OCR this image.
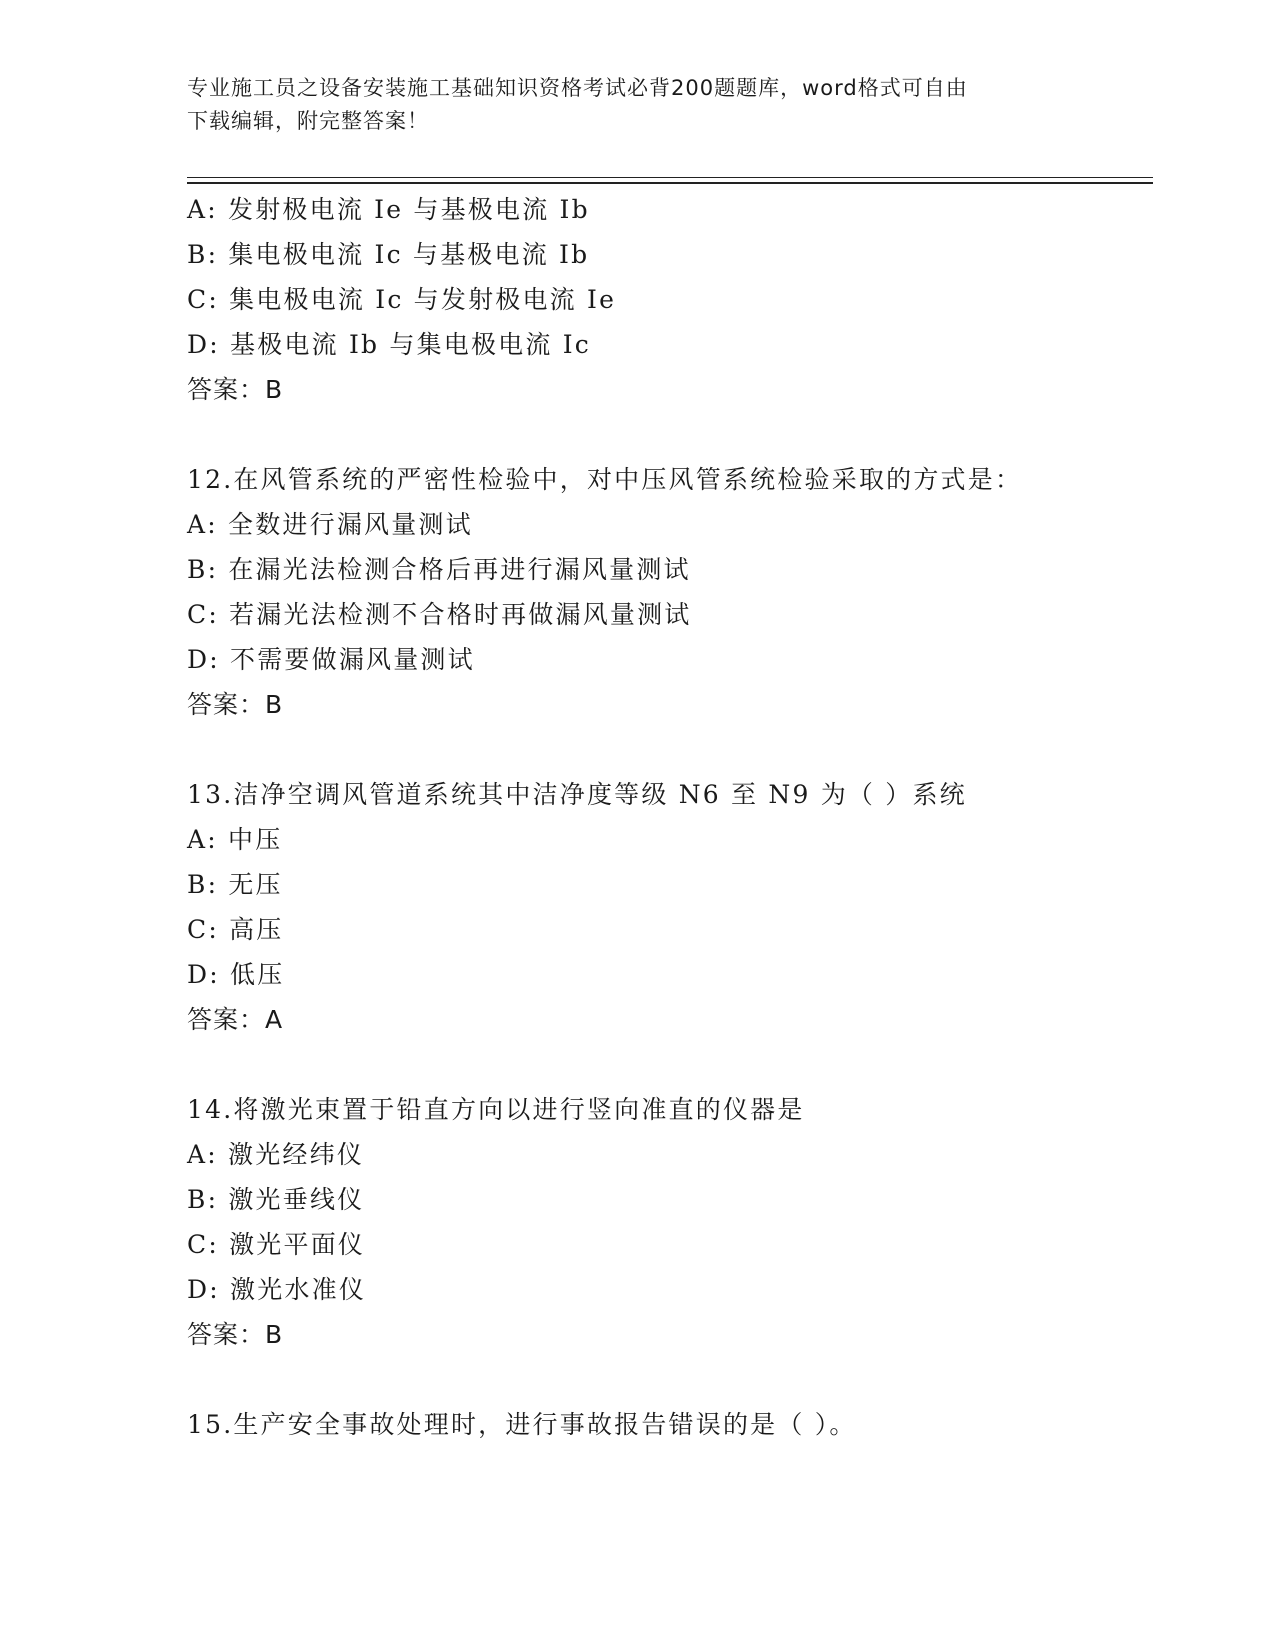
专业施工员之设备安装施工基础知识资格考试必背200题题库，word格式可自由
下载编辑，附完整答案！
A: 发射极电流 Ie 与基极电流 Ib
B: 集电极电流 Ic 与基极电流 Ib
C: 集电极电流 Ic 与发射极电流 Ie
D: 基极电流 Ib 与集电极电流 Ic
答案：B
12.在风管系统的严密性检验中，对中压风管系统检验采取的方式是：
A: 全数进行漏风量测试
B: 在漏光法检测合格后再进行漏风量测试
C: 若漏光法检测不合格时再做漏风量测试
D: 不需要做漏风量测试
答案：B
13.洁净空调风管道系统其中洁净度等级 N6 至 N9 为（ ）系统
A: 中压
B: 无压
C: 高压
D: 低压
答案：A
14.将激光束置于铅直方向以进行竖向准直的仪器是
A: 激光经纬仪
B: 激光垂线仪
C: 激光平面仪
D: 激光水准仪
答案：B
15.生产安全事故处理时，进行事故报告错误的是（ ）。
